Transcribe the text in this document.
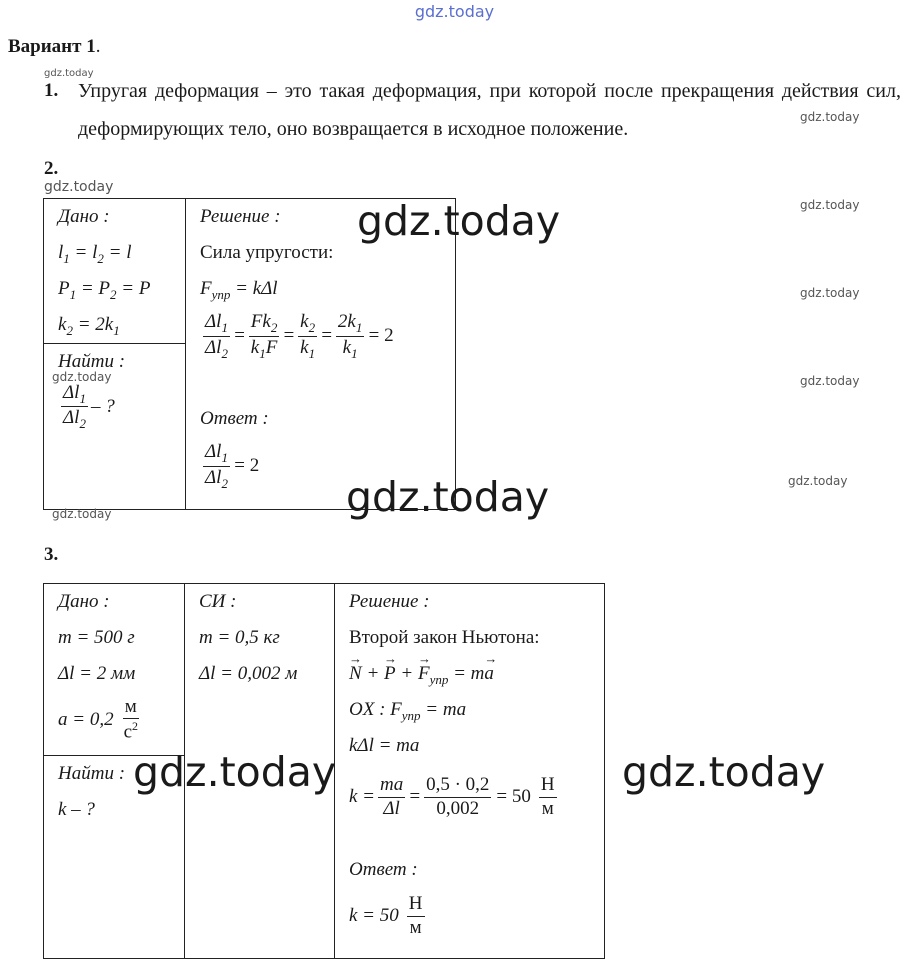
gdz.today
Вариант 1.
gdz.today
1. Упругая деформация – это такая деформация, при которой после прекращения действия сил, деформирующих тело, оно возвращается в исходное положение.
gdz.today
2.
gdz.today
Дано :
$l_1 = l_2 = l$
$P_1 = P_2 = P$
$k_2 = 2k_1$

Решение :
Сила упругости:
$F_{упр} = k\Delta l$
$\frac{\Delta l_1}{\Delta l_2} = \frac{Fk_2}{k_1F} = \frac{k_2}{k_1} = \frac{2k_1}{k_1} = 2$
Ответ :
$\frac{\Delta l_1}{\Delta l_2} = 2$

Найти :
$\frac{\Delta l_1}{\Delta l_2}$ – ?
gdz.today
gdz.today
gdz.today
gdz.today
gdz.today
gdz.today
gdz.today
gdz.today
3.
Дано :
m = 500 г
Δl = 2 мм
$a = 0,2 \frac{м}{с^2}$

СИ :
m = 0,5 кг
Δl = 0,002 м

Решение :
Второй закон Ньютона:
→ N + → P + → $F_{упр} = m\to a$
OX : $F_{упр}$ = ma
kΔl = ma
$k = \frac{ma}{\Delta l} = \frac{0,5 \cdot 0,2}{0,002} = 50 \frac{Н}{м}$
Ответ :
$k = 50 \frac{Н}{м}$

Найти :
k – ?
gdz.today	gdz.today
